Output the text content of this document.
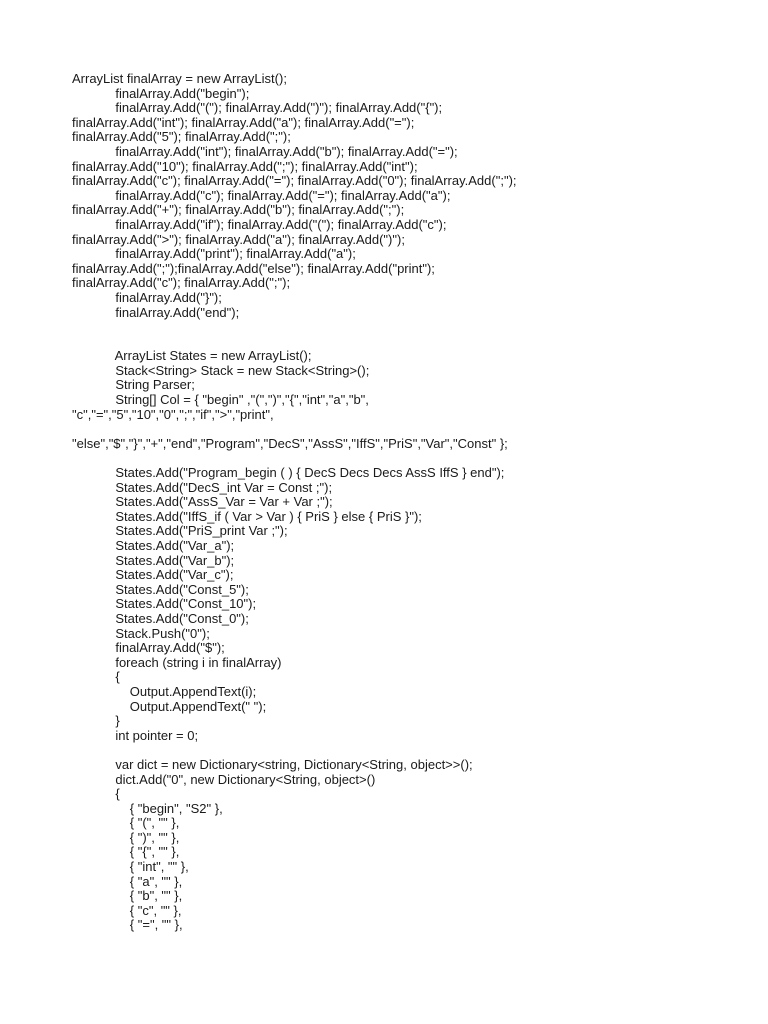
ArrayList finalArray = new ArrayList();
finalArray.Add("begin");
finalArray.Add("("); finalArray.Add(")"); finalArray.Add("{");
finalArray.Add("int"); finalArray.Add("a"); finalArray.Add("=");
finalArray.Add("5"); finalArray.Add(";");
finalArray.Add("int"); finalArray.Add("b"); finalArray.Add("=");
finalArray.Add("10"); finalArray.Add(";"); finalArray.Add("int");
finalArray.Add("c"); finalArray.Add("="); finalArray.Add("0"); finalArray.Add(";");
finalArray.Add("c"); finalArray.Add("="); finalArray.Add("a");
finalArray.Add("+"); finalArray.Add("b"); finalArray.Add(";");
finalArray.Add("if"); finalArray.Add("("); finalArray.Add("c");
finalArray.Add(">"); finalArray.Add("a"); finalArray.Add(")");
finalArray.Add("print"); finalArray.Add("a");
finalArray.Add(";");finalArray.Add("else"); finalArray.Add("print");
finalArray.Add("c"); finalArray.Add(";");
finalArray.Add("}");
finalArray.Add("end");
ArrayList States = new ArrayList();
Stack<String> Stack = new Stack<String>();
String Parser;
String[] Col = { "begin" ,"(",")","{","int","a","b",
"c","=","5","10","0",";","if",">","print",
"else","$","}","+","end","Program","DecS","AssS","IffS","PriS","Var","Const" };
States.Add("Program_begin ( ) { DecS Decs Decs AssS IffS } end");
States.Add("DecS_int Var = Const ;");
States.Add("AssS_Var = Var + Var ;");
States.Add("IffS_if ( Var > Var ) { PriS } else { PriS }");
States.Add("PriS_print Var ;");
States.Add("Var_a");
States.Add("Var_b");
States.Add("Var_c");
States.Add("Const_5");
States.Add("Const_10");
States.Add("Const_0");
Stack.Push("0");
finalArray.Add("$");
foreach (string i in finalArray)
{
Output.AppendText(i);
Output.AppendText(" ");
}
int pointer = 0;
var dict = new Dictionary<string, Dictionary<String, object>>();
dict.Add("0", new Dictionary<String, object>()
{
{ "begin", "S2" },
{ "(", "" },
{ ")", "" },
{ "{", "" },
{ "int", "" },
{ "a", "" },
{ "b", "" },
{ "c", "" },
{ "=", "" },
